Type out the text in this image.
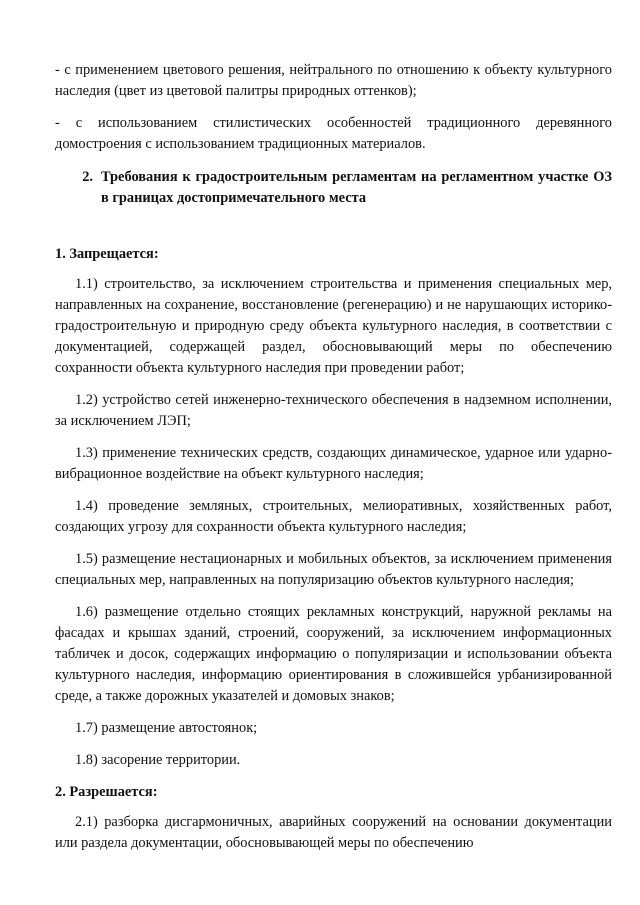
- с применением цветового решения, нейтрального по отношению к объекту культурного наследия (цвет из цветовой палитры природных оттенков);

- с использованием стилистических особенностей традиционного деревянного домостроения с использованием традиционных материалов.

2. Требования к градостроительным регламентам на регламентном участке ОЗ в границах достопримечательного места

1. Запрещается:

1.1) строительство, за исключением строительства и применения специальных мер, направленных на сохранение, восстановление (регенерацию) и не нарушающих историко-градостроительную и природную среду объекта культурного наследия, в соответствии с документацией, содержащей раздел, обосновывающий меры по обеспечению сохранности объекта культурного наследия при проведении работ;

1.2) устройство сетей инженерно-технического обеспечения в надземном исполнении, за исключением ЛЭП;

1.3) применение технических средств, создающих динамическое, ударное или ударно-вибрационное воздействие на объект культурного наследия;

1.4) проведение земляных, строительных, мелиоративных, хозяйственных работ, создающих угрозу для сохранности объекта культурного наследия;

1.5) размещение нестационарных и мобильных объектов, за исключением применения специальных мер, направленных на популяризацию объектов культурного наследия;

1.6) размещение отдельно стоящих рекламных конструкций, наружной рекламы на фасадах и крышах зданий, строений, сооружений, за исключением информационных табличек и досок, содержащих информацию о популяризации и использовании объекта культурного наследия, информацию ориентирования в сложившейся урбанизированной среде, а также дорожных указателей и домовых знаков;

1.7) размещение автостоянок;

1.8) засорение территории.

2. Разрешается:

2.1) разборка дисгармоничных, аварийных сооружений на основании документации или раздела документации, обосновывающей меры по обеспечению
